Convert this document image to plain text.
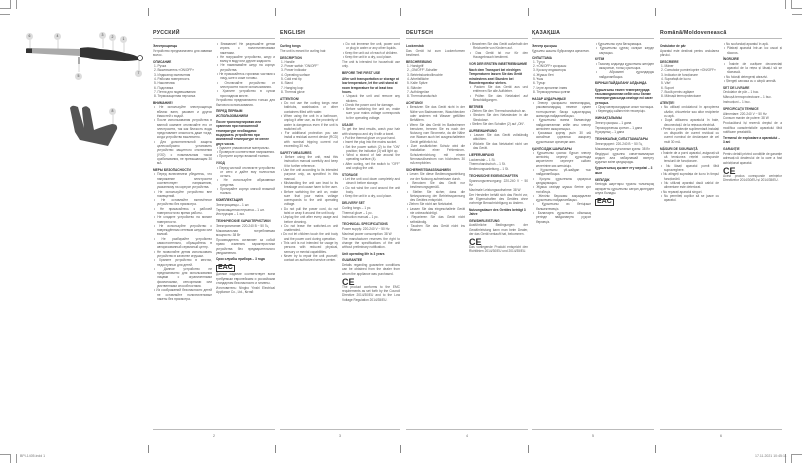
6	4	3	2	1
5
7
8
РУССКИЙ
Электрощипцы
Устройство предназначено для завивки волос.
ОПИСАНИЕ
1. Ручка
2. Выключатель «ON/OFF»
3. Индикатор включения
4. Рабочая поверхность
5. Наконечник
6. Подставка
7. Петля для подвешивания
8. Термозащитная перчатка
ВНИМАНИЕ!
• Не используйте электрощипцы вблизи ванн, раковин и других ёмкостей с водой.
• После использования устройства в ванной комнате отключайте его от электросети, так как близость воды представляет опасность даже тогда, когда устройство выключено.
• Для дополнительной защиты целесообразно установить устройство защитного отключения (УЗО) с номинальным током срабатывания, не превышающим 30 мА.
МЕРЫ БЕЗОПАСНОСТИ
• Перед включением убедитесь, что напряжение электросети соответствует напряжению, указанному на корпусе устройства.
• Не используйте устройство вне помещений.
• Не оставляйте включённое устройство без присмотра.
• Не прикасайтесь к рабочей поверхности во время работы.
• Не кладите устройство на мягкие поверхности.
• Не используйте устройство с повреждённым сетевым шнуром или вилкой.
• Не разбирайте устройство самостоятельно, обращайтесь в авторизованный сервисный центр.
• Не позволяйте детям использовать устройство в качестве игрушки.
• Храните устройство в местах, недоступных для детей.
• Данное устройство не предназначено для использования лицами с ограниченными физическими, сенсорными или умственными способностями.
• Из соображений безопасности детей не оставляйте полиэтиленовые пакеты без присмотра.
• Внимание! Не разрешайте детям играть с полиэтиленовыми пакетами.
• Не погружайте устройство, шнур и вилку в воду или другие жидкости.
• Не наматывайте шнур на корпус устройства.
• Не прикасайтесь горячими частями к лицу, шее и коже головы.
• Отключайте устройство от электросети после использования.
• Храните устройство в сухом прохладном месте.
Устройство предназначено только для бытового использования.
ПЕРЕД ПЕРВЫМ ИСПОЛЬЗОВАНИЕМ
После транспортировки или хранения при пониженной температуре необходимо выдержать устройство при комнатной температуре не менее двух часов.
• Удалите упаковочные материалы.
• Проверьте соответствие напряжения.
• Протрите корпус влажной тканью.
УХОД
• Перед чисткой отключите устройство от сети и дайте ему полностью остыть.
• Не используйте абразивные средства.
• Протирайте корпус мягкой влажной тканью.
КОМПЛЕКТАЦИЯ
Электрощипцы – 1 шт.
Термозащитная перчатка – 1 шт.
Инструкция – 1 экз.
ТЕХНИЧЕСКИЕ ХАРАКТЕРИСТИКИ
Электропитание: 220-240 В ~ 50 Гц
Максимальная потребляемая мощность: 38 Вт
Производитель оставляет за собой право изменять характеристики устройства без предварительного уведомления.
Срок службы прибора – 3 года
EAC
Данное изделие соответствует всем требуемым европейским и российским стандартам безопасности и гигиены.
Изготовитель: Ningbo Yinshi Electrical Appliance Co., Ltd., Китай
2
ENGLISH
Curling tongs
The unit is meant for curling hair.
DESCRIPTION
1. Handle
2. Power switch "ON/OFF"
3. Power indicator
4. Operating surface
5. Cold end tip
6. Stand
7. Hanging loop
8. Thermal glove
ATTENTION!
• Do not use the curling tongs near bathtubs, washbasins or other containers filled with water.
• When using the unit in a bathroom, unplug it after use, as the proximity of water is dangerous even if the unit is switched off.
• For additional protection you can install a residual current device (RCD) with nominal tripping current not exceeding 30 mA.
SAFETY MEASURES
• Before using the unit, read this instruction manual carefully and keep it for further reference.
• Use the unit according to its intended purpose only, as specified in this manual.
• Mishandling the unit can lead to its breakage and cause harm to the user.
• Before switching the unit on, make sure that your mains voltage corresponds to the unit operating voltage.
• Do not pull the power cord, do not twist or wrap it around the unit body.
• Unplug the unit after every usage and before cleaning.
• Do not leave the switched-on unit unattended.
• Do not let children touch the unit body and the power cord during operation.
• This unit is not intended for usage by persons with reduced physical, sensory or mental capabilities.
• Never try to repair the unit yourself; contact an authorized service center.
• Do not immerse the unit, power cord or plug in water or any other liquids.
• Keep the unit out of reach of children.
• Keep the unit in a dry, cool place.
The unit is intended for household use only.
BEFORE THE FIRST USE
After unit transportation or storage at low temperature, let the unit stand at room temperature for at least two hours.
• Unpack the unit and remove any stickers.
• Check the power cord for damage.
• Before switching the unit on, make sure your mains voltage corresponds to the operating voltage.
USAGE
To get the best results, wash your hair with shampoo and dry it with a towel.
• Put the thermal glove on your hand.
• Insert the plug into the mains socket.
• Set the power switch (2) to the "ON" position; the indicator (3) will light up.
• Wind a strand of hair around the operating surface (4).
• After curling, set the switch to "OFF" and unplug the unit.
STORAGE
• Let the unit cool down completely and clean it before storage.
• Do not wind the cord around the unit body.
• Keep the unit in a dry, cool place.
DELIVERY SET
Curling tongs – 1 pc.
Thermal glove – 1 pc.
Instruction manual – 1 pc.
TECHNICAL SPECIFICATIONS
Power supply: 220-240 V ~ 50 Hz
Maximal power consumption: 38 W
The manufacturer reserves the right to change the specifications of the unit without preliminary notification.
Unit operating life is 3 years
GUARANTEE
Details regarding guarantee conditions can be obtained from the dealer from whom the appliance was purchased.
CE
The product conforms to the EMC requirements as set forth by the Council Directive 2014/30/EU and to the Low Voltage Regulation 2014/35/EU.
3
DEUTSCH
Lockenstab
Das Gerät ist zum Lockenformen bestimmt.
BESCHREIBUNG
1. Handgriff
2. „ON/OFF“-Schalter
3. Betriebskontrollleuchte
4. Arbeitsfläche
5. Kalte Spitze
6. Ständer
7. Aufhängeöse
8. Thermohandschuh
ACHTUNG!
• Benutzen Sie das Gerät nicht in der Nähe von Badewannen, Waschbecken oder anderen mit Wasser gefüllten Behältern.
• Wenn Sie das Gerät im Badezimmer benutzen, trennen Sie es nach der Nutzung vom Stromnetz, da die Nähe von Wasser auch bei ausgeschaltetem Gerät gefährlich ist.
• Zum zusätzlichen Schutz wird die Installation einer Fehlerstrom-Schutzeinrichtung mit einem Nennauslösestrom von höchstens 30 mA empfohlen.
SICHERHEITSMASSNAHMEN
• Lesen Sie diese Bedienungsanleitung vor der Nutzung aufmerksam durch.
• Benutzen Sie das Gerät nur bestimmungsgemäß.
• Stellen Sie sicher, dass die Netzspannung der Betriebsspannung des Gerätes entspricht.
• Ziehen Sie nicht am Netzkabel.
• Lassen Sie das eingeschaltete Gerät nie unbeaufsichtigt.
• Reparieren Sie das Gerät nicht selbständig.
• Tauchen Sie das Gerät nicht ins Wasser.
• Bewahren Sie das Gerät außerhalb der Reichweite von Kindern auf.
• Das Gerät ist nur für den Hausgebrauch bestimmt.
VOR DER ERSTEN INBETRIEBNAHME
Nach dem Transport bei niedrigen Temperaturen lassen Sie das Gerät mindestens zwei Stunden bei Raumtemperatur stehen.
• Packen Sie das Gerät aus und entfernen Sie alle Aufkleber.
• Prüfen Sie das Netzkabel auf Beschädigungen.
BETRIEB
• Ziehen Sie den Thermohandschuh an.
• Stecken Sie den Netzstecker in die Steckdose.
• Stellen Sie den Schalter (2) auf „ON“.
AUFBEWAHRUNG
• Lassen Sie das Gerät vollständig abkühlen.
• Wickeln Sie das Netzkabel nicht um das Gerät.
LIEFERUMFANG
Lockenstab – 1 St.
Thermohandschuh – 1 St.
Bedienungsanleitung – 1 St.
TECHNISCHE EIGENSCHAFTEN
Spannungsversorgung: 220-240 V ~ 50 Hz
Maximale Leistungsaufnahme: 38 W
Der Hersteller behält sich das Recht vor, die Eigenschaften des Gerätes ohne vorherige Benachrichtigung zu ändern.
Nutzungsdauer des Gerätes beträgt 3 Jahre
GEWÄHRLEISTUNG
Ausführliche Bedingungen der Gewährleistung kann man beim Dealer, der das Gerät verkauft hat, bekommen.
CE
Das vorliegende Produkt entspricht den Richtlinien 2014/30/EU und 2014/35/EU.
4
ҚАЗАҚША
Электр қысқыш
Құрылғы шашты бұйралауға арналған.
СИПАТТАМА
1. Тұтқа
2. «ON/OFF» қосқышы
3. Қосылу индикаторы
4. Жұмыс беті
5. Ұшы
6. Тұғыр
7. Ілуге арналған ілмек
8. Термоқорғағыш қолғап
НАЗАР АУДАРЫҢЫЗ!
• Электр қысқышты ванналардың, раковиналардың немесе сумен толтырылған басқа ыдыстардың жанында пайдаланбаңыз.
• Құрылғыны ванна бөлмесінде пайдаланғаннан кейін оны электр желісінен ажыратыңыз.
• Қосымша қорғау үшін 30 мА аспайтын қорғаныс ажырату құрылғысын орнатқан жөн.
ҚАУІПСІЗДІК ШАРАЛАРЫ
• Құрылғыны қоспас бұрын электр желісінің кернеуі құрылғыда көрсетілген кернеуге сәйкес келетініне көз жеткізіңіз.
• Құрылғыны үй-жайдан тыс пайдаланбаңыз.
• Қосулы құрылғыны қараусыз қалдырмаңыз.
• Жұмыс кезінде жұмыс бетіне қол тигізбеңіз.
• Желілік баусымы зақымдалған құрылғыны пайдаланбаңыз.
• Құрылғыны өз бетіңізше бөлшектемеңіз.
• Балаларға құрылғыны ойыншық ретінде пайдалануға рұқсат бермеңіз.
• Құрылғыны суға батырмаңыз.
• Құрылғыны құрғақ салқын жерде сақтаңыз.
КҮТІМ
• Тазалау алдында құрылғыны желіден ажыратып, толық суытыңыз.
• Абразивті құралдарды пайдаланбаңыз.
БІРІНШІ ПАЙДАЛАНУ АЛДЫНДА
Құрылғыны төмен температурада тасымалдағаннан кейін оны бөлме температурасында кемінде екі сағат ұстаңыз.
• Орау материалдарын алып тастаңыз.
• Кернеудің сәйкестігін тексеріңіз.
ЖИНАҚТАЛЫМЫ
Электр қысқыш – 1 дана
Термоқорғағыш қолғап – 1 дана
Нұсқаулық – 1 дана
ТЕХНИКАЛЫҚ СИПАТТАМАЛАРЫ
Электрқорегі: 220-240 В ~ 50 Гц
Максималды тұтынатын қуаты: 38 Вт
Өндіруші құрылғы сипаттамаларын алдын ала хабарламай өзгерту құқығын өзіне қалдырады.
Құрылғының қызмет ету мерзімі – 3 жыл
КЕПІЛДІК
Кепілдік шарттары туралы толығырақ ақпаратты құрылғыны сатқан дилерден алуға болады.
EAC
5
Română/Moldovenească
Ondulator de păr
Aparatul este destinat pentru ondularea părului.
DESCRIERE
1. Mâner
2. Comutator pornire/oprire «ON/OFF»
3. Indicator de funcționare
4. Suprafață de lucru
5. Vârf
6. Suport
7. Buclă pentru agățare
8. Mănușă termoprotectoare
ATENȚIE!
• Nu utilizați ondulatorul în apropierea căzilor, chiuvetelor sau altor recipiente cu apă.
• După utilizarea aparatului în baie, deconectați-l de la rețeaua electrică.
• Pentru o protecție suplimentară instalați un dispozitiv de curent rezidual cu curent nominal de declanșare de cel mult 30 mA.
MĂSURI DE SIGURANȚĂ
• Înainte de a porni aparatul, asigurați-vă că tensiunea rețelei corespunde tensiunii de funcționare.
• Nu lăsați aparatul pornit fără supraveghere.
• Nu atingeți suprafața de lucru în timpul funcționării.
• Nu utilizați aparatul dacă cablul de alimentare este deteriorat.
• Nu reparați aparatul singuri.
• Nu permiteți copiilor să se joace cu aparatul.
• Nu scufundați aparatul în apă.
• Păstrați aparatul într-un loc uscat și răcoros.
ÎNGRIJIRE
• Înainte de curățare deconectați aparatul de la rețea și lăsați-l să se răcească.
• Nu folosiți detergenți abrazivi.
• Ștergeți carcasa cu o cârpă umedă.
SET DE LIVRARE
Ondulator de păr – 1 buc.
Mănușă termoprotectoare – 1 buc.
Instrucțiuni – 1 buc.
SPECIFICAȚII TEHNICE
Alimentare: 220-240 V ~ 50 Hz
Consum maxim de putere: 38 W
Producătorul își rezervă dreptul de a modifica caracteristicile aparatului fără notificare prealabilă.
Termenul de exploatare a aparatului – 3 ani
GARANȚIE
Pentru detalii privind condițiile de garanție adresați-vă dealerului de la care a fost achiziționat aparatul.
CE
Acest produs corespunde cerințelor Directivelor 2014/30/EU și 2014/35/EU.
6
BPI-1405.indd 1	17.11.2021 10:45:11
